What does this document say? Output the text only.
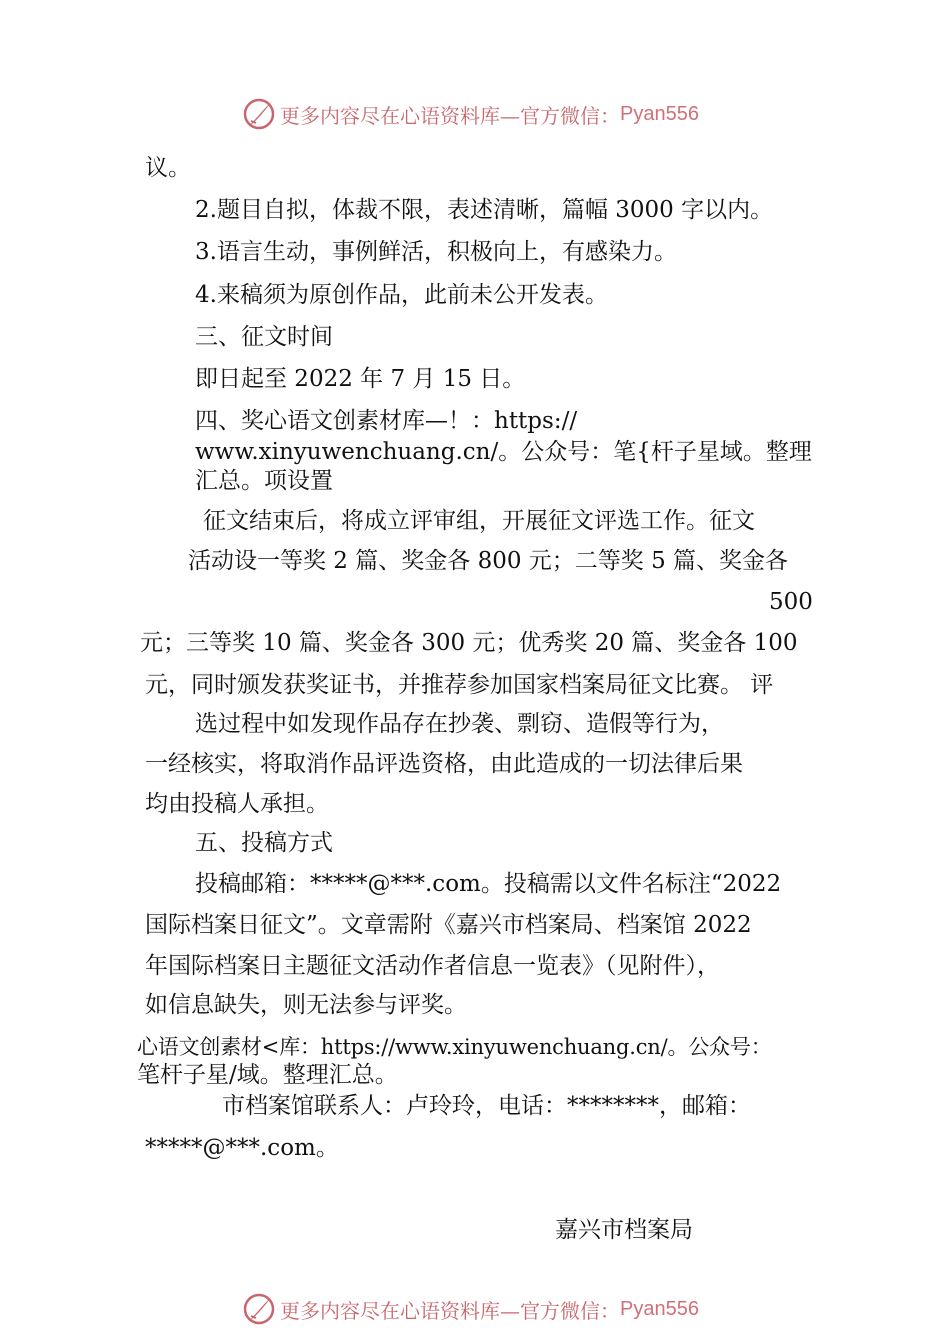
更多内容尽在心语资料库—官方微信： Pyan556
议。
2.题目自拟，体裁不限，表述清晰，篇幅 3000 字以内。
3.语言生动，事例鲜活，积极向上，有感染力。
4.来稿须为原创作品，此前未公开发表。
三、征文时间
即日起至 2022 年 7 月 15 日。
四、奖心语文创素材库—！：https://
www.xinyuwenchuang.cn/。公众号：笔{杆子星域。整理
汇总。项设置
征文结束后，将成立评审组，开展征文评选工作。征文
活动设一等奖 2 篇、奖金各 800 元；二等奖 5 篇、奖金各
500
元；三等奖 10 篇、奖金各 300 元；优秀奖 20 篇、奖金各 100
元，同时颁发获奖证书，并推荐参加国家档案局征文比赛。 评
选过程中如发现作品存在抄袭、剽窃、造假等行为，
一经核实，将取消作品评选资格，由此造成的一切法律后果
均由投稿人承担。
五、投稿方式
投稿邮箱：*****@***.com。投稿需以文件名标注“2022
国际档案日征文”。文章需附《嘉兴市档案局、档案馆 2022
年国际档案日主题征文活动作者信息一览表》（见附件），
如信息缺失，则无法参与评奖。
心语文创素材<库：https://www.xinyuwenchuang.cn/。公众号：
笔杆子星/域。整理汇总。
市档案馆联系人：卢玲玲，电话：********，邮箱：
*****@***.com。
嘉兴市档案局
更多内容尽在心语资料库—官方微信： Pyan556
